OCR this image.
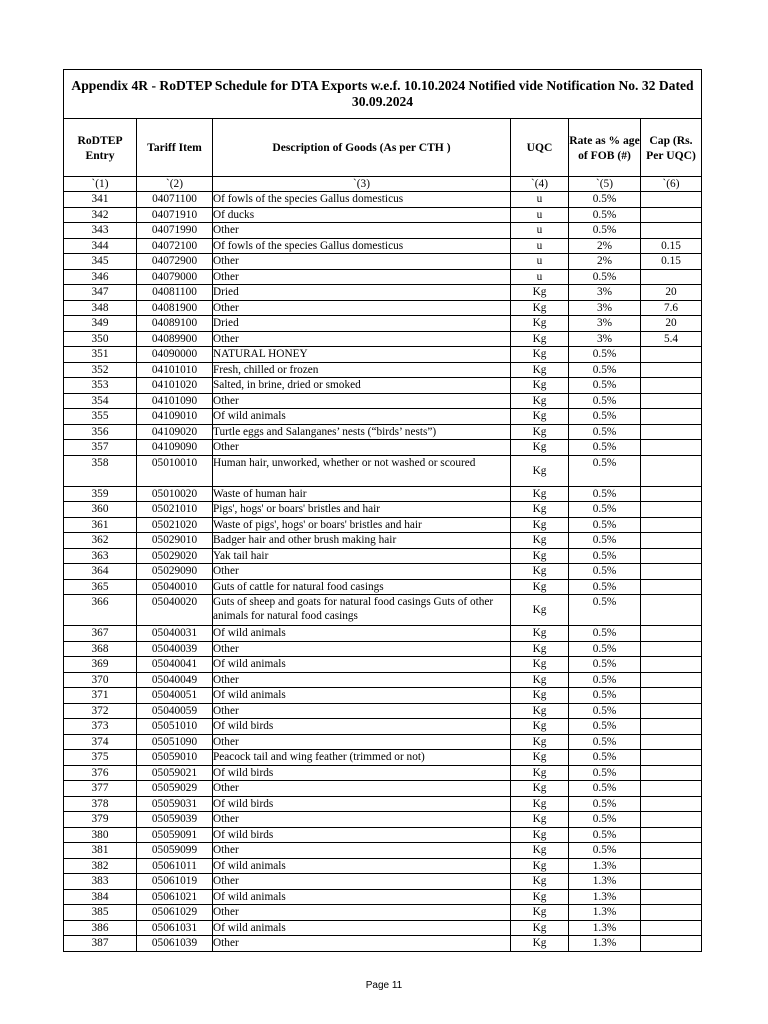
Appendix 4R - RoDTEP Schedule for DTA Exports w.e.f. 10.10.2024 Notified vide Notification No. 32 Dated 30.09.2024					
RoDTEP Entry	Tariff Item	Description of Goods (As per CTH )	UQC	Rate as % age of FOB (#)	Cap (Rs. Per UQC)
`(1)	`(2)	`(3)	`(4)	`(5)	`(6)
341	04071100	Of fowls of the species Gallus domesticus	u	0.5%	
342	04071910	Of ducks	u	0.5%	
343	04071990	Other	u	0.5%	
344	04072100	Of fowls of the species Gallus domesticus	u	2%	0.15
345	04072900	Other	u	2%	0.15
346	04079000	Other	u	0.5%	
347	04081100	Dried	Kg	3%	20
348	04081900	Other	Kg	3%	7.6
349	04089100	Dried	Kg	3%	20
350	04089900	Other	Kg	3%	5.4
351	04090000	NATURAL HONEY	Kg	0.5%	
352	04101010	Fresh, chilled or frozen	Kg	0.5%	
353	04101020	Salted, in brine, dried or smoked	Kg	0.5%	
354	04101090	Other	Kg	0.5%	
355	04109010	Of wild animals	Kg	0.5%	
356	04109020	Turtle eggs and Salanganes’ nests (“birds’ nests”)	Kg	0.5%	
357	04109090	Other	Kg	0.5%	
358	05010010	Human hair, unworked, whether or not washed or scoured	Kg	0.5%	
359	05010020	Waste of human hair	Kg	0.5%	
360	05021010	Pigs', hogs' or boars' bristles and hair	Kg	0.5%	
361	05021020	Waste of pigs', hogs' or boars' bristles and hair	Kg	0.5%	
362	05029010	Badger hair and other brush making hair	Kg	0.5%	
363	05029020	Yak tail hair	Kg	0.5%	
364	05029090	Other	Kg	0.5%	
365	05040010	Guts of cattle for natural food casings	Kg	0.5%	
366	05040020	Guts of sheep and goats for natural food casings Guts of other animals for natural food casings	Kg	0.5%	
367	05040031	Of wild animals	Kg	0.5%	
368	05040039	Other	Kg	0.5%	
369	05040041	Of wild animals	Kg	0.5%	
370	05040049	Other	Kg	0.5%	
371	05040051	Of wild animals	Kg	0.5%	
372	05040059	Other	Kg	0.5%	
373	05051010	Of wild birds	Kg	0.5%	
374	05051090	Other	Kg	0.5%	
375	05059010	Peacock tail and wing feather (trimmed or not)	Kg	0.5%	
376	05059021	Of wild birds	Kg	0.5%	
377	05059029	Other	Kg	0.5%	
378	05059031	Of wild birds	Kg	0.5%	
379	05059039	Other	Kg	0.5%	
380	05059091	Of wild birds	Kg	0.5%	
381	05059099	Other	Kg	0.5%	
382	05061011	Of wild animals	Kg	1.3%	
383	05061019	Other	Kg	1.3%	
384	05061021	Of wild animals	Kg	1.3%	
385	05061029	Other	Kg	1.3%	
386	05061031	Of wild animals	Kg	1.3%	
387	05061039	Other	Kg	1.3%	
Page 11
